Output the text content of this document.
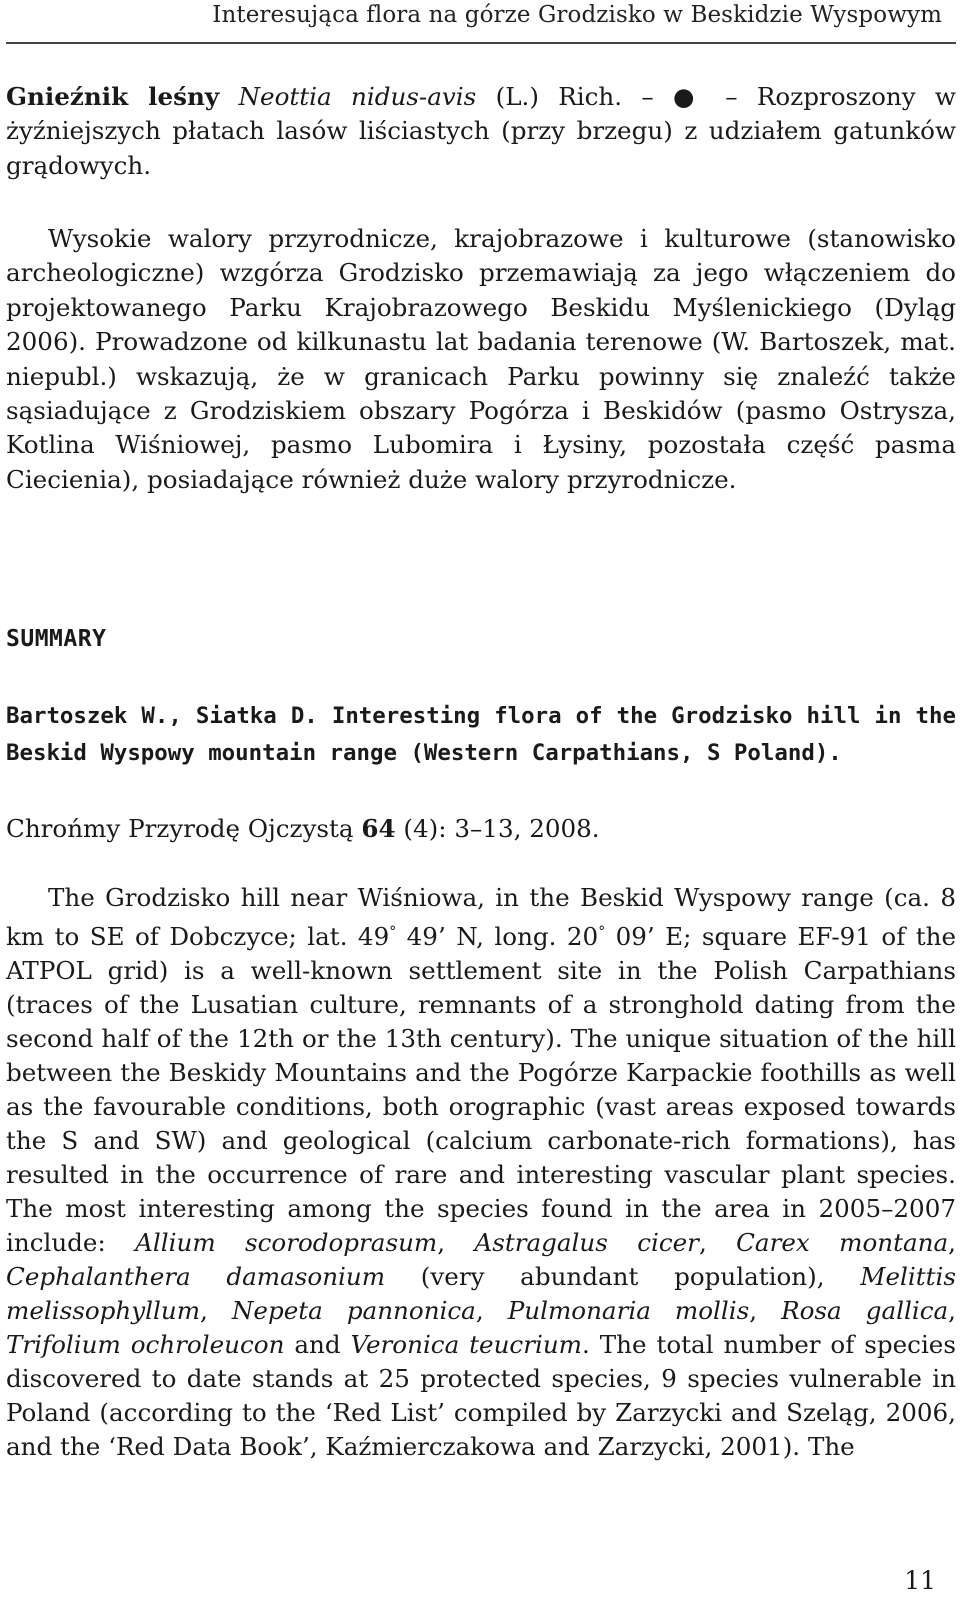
Interesująca flora na górze Grodzisko w Beskidzie Wyspowym
Gnieźnik leśny Neottia nidus-avis (L.) Rich. – ● – Rozproszony w żyźniejszych płatach lasów liściastych (przy brzegu) z udziałem gatunków grądowych.
Wysokie walory przyrodnicze, krajobrazowe i kulturowe (stanowisko archeologiczne) wzgórza Grodzisko przemawiają za jego włączeniem do projektowanego Parku Krajobrazowego Beskidu Myślenickiego (Dyląg 2006). Prowadzone od kilkunastu lat badania terenowe (W. Bartoszek, mat. niepubl.) wskazują, że w granicach Parku powinny się znaleźć także sąsiadujące z Grodziskiem obszary Pogórza i Beskidów (pasmo Ostrysza, Kotlina Wiśniowej, pasmo Lubomira i Łysiny, pozostała część pasma Ciecienia), posiadające również duże walory przyrodnicze.
SUMMARY
Bartoszek W., Siatka D. Interesting flora of the Grodzisko hill in the Beskid Wyspowy mountain range (Western Carpathians, S Poland).
Chrońmy Przyrodę Ojczystą 64 (4): 3–13, 2008.
The Grodzisko hill near Wiśniowa, in the Beskid Wyspowy range (ca. 8 km to SE of Dobczyce; lat. 49° 49’ N, long. 20° 09’ E; square EF-91 of the ATPOL grid) is a well-known settlement site in the Polish Carpathians (traces of the Lusatian culture, remnants of a stronghold dating from the second half of the 12th or the 13th century). The unique situation of the hill between the Beskidy Mountains and the Pogórze Karpackie foothills as well as the favourable conditions, both orographic (vast areas exposed towards the S and SW) and geological (calcium carbonate-rich formations), has resulted in the occurrence of rare and interesting vascular plant species. The most interesting among the species found in the area in 2005–2007 include: Allium scorodoprasum, Astragalus cicer, Carex montana, Cephalanthera damasonium (very abundant population), Melittis melissophyllum, Nepeta pannonica, Pulmonaria mollis, Rosa gallica, Trifolium ochroleucon and Veronica teucrium. The total number of species discovered to date stands at 25 protected species, 9 species vulnerable in Poland (according to the ‘Red List’ compiled by Zarzycki and Szeląg, 2006, and the ‘Red Data Book’, Kaźmierczakowa and Zarzycki, 2001). The
11
